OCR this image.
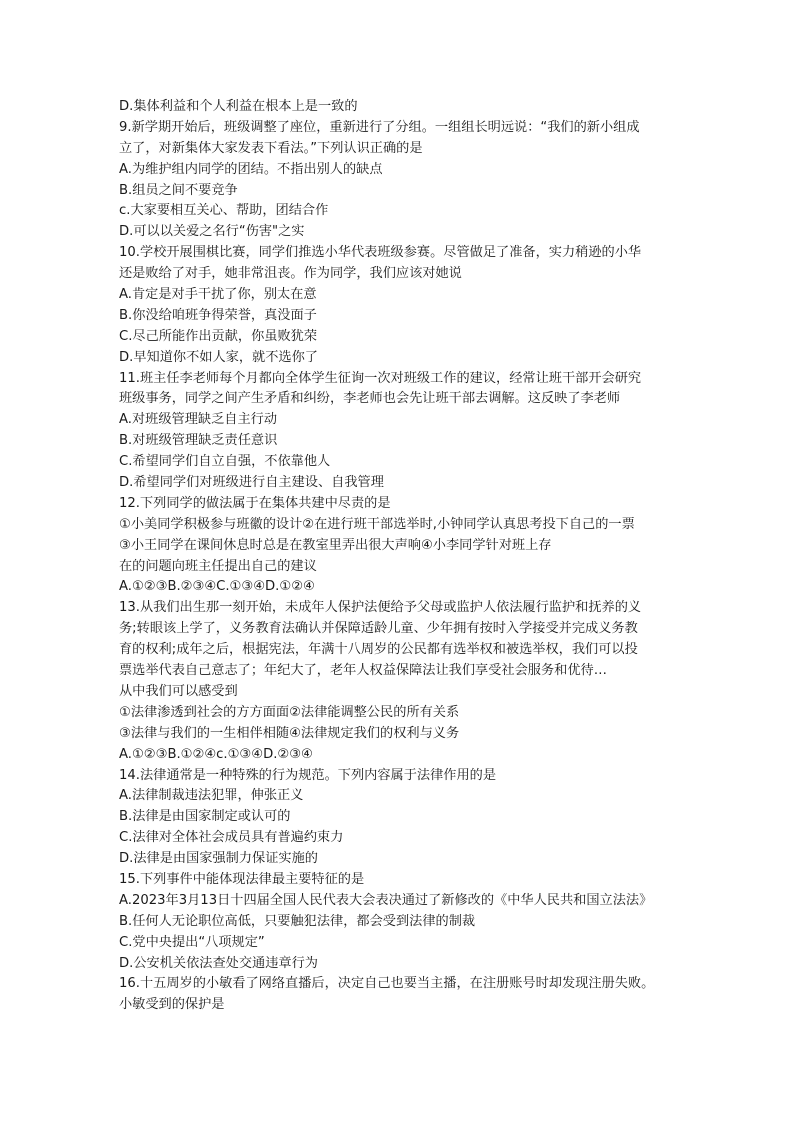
D.集体利益和个人利益在根本上是一致的
9.新学期开始后，班级调整了座位，重新进行了分组。一组组长明远说：“我们的新小组成
立了，对新集体大家发表下看法。”下列认识正确的是
A.为维护组内同学的团结。不指出别人的缺点
B.组员之间不要竞争
c.大家要相互关心、帮助，团结合作
D.可以以关爱之名行“伤害"之实
10.学校开展围棋比赛，同学们推选小华代表班级参赛。尽管做足了准备，实力稍逊的小华
还是败给了对手，她非常沮丧。作为同学，我们应该对她说
A.肯定是对手干扰了你，别太在意
B.你没给咱班争得荣誉，真没面子
C.尽己所能作出贡献，你虽败犹荣
D.早知道你不如人家，就不选你了
11.班主任李老师每个月都向全体学生征询一次对班级工作的建议，经常让班干部开会研究
班级事务，同学之间产生矛盾和纠纷，李老师也会先让班干部去调解。这反映了李老师
A.对班级管理缺乏自主行动
B.对班级管理缺乏责任意识
C.希望同学们自立自强，不依靠他人
D.希望同学们对班级进行自主建设、自我管理
12.下列同学的做法属于在集体共建中尽责的是
①小美同学积极参与班徽的设计②在进行班干部选举时,小钟同学认真思考投下自己的一票
③小王同学在课间休息时总是在教室里弄出很大声响④小李同学针对班上存
在的问题向班主任提出自己的建议
A.①②③B.②③④C.①③④D.①②④
13.从我们出生那一刻开始，未成年人保护法便给予父母或监护人依法履行监护和抚养的义
务;转眼该上学了，义务教育法确认并保障适龄儿童、少年拥有按时入学接受并完成义务教
育的权利;成年之后，根据宪法，年满十八周岁的公民都有选举权和被选举权，我们可以投
票选举代表自己意志了；年纪大了，老年人权益保障法让我们享受社会服务和优待…
从中我们可以感受到
①法律渗透到社会的方方面面②法律能调整公民的所有关系
③法律与我们的一生相伴相随④法律规定我们的权利与义务
A.①②③B.①②④c.①③④D.②③④
14.法律通常是一种特殊的行为规范。下列内容属于法律作用的是
A.法律制裁违法犯罪，伸张正义
B.法律是由国家制定或认可的
C.法律对全体社会成员具有普遍约束力
D.法律是由国家强制力保证实施的
15.下列事件中能体现法律最主要特征的是
A.2023年3月13日十四届全国人民代表大会表决通过了新修改的《中华人民共和国立法法》
B.任何人无论职位高低，只要触犯法律，都会受到法律的制裁
C.党中央提出“八项规定”
D.公安机关依法查处交通违章行为
16.十五周岁的小敏看了网络直播后，决定自己也要当主播，在注册账号时却发现注册失败。
小敏受到的保护是
